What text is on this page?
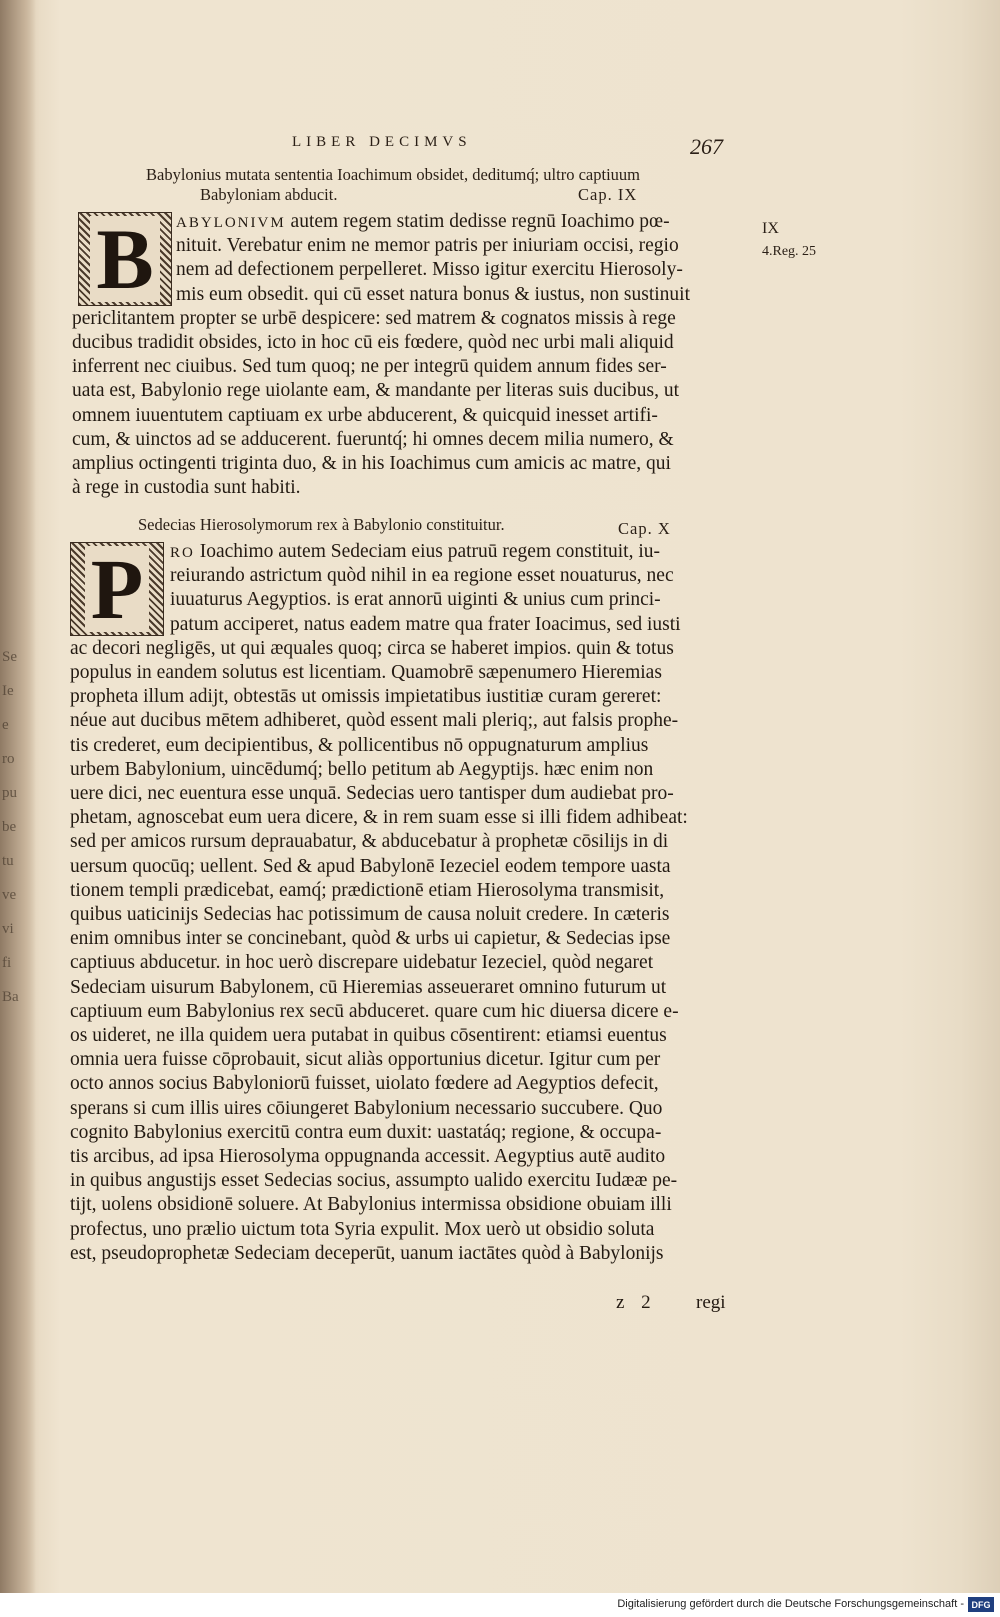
Se
Ie
e
ro
pu
be
tu
ve
vi
fi
Ba
LIBER DECIMVS	267
Babylonius mutata sententia Ioachimum obsidet, deditumq́; ultro captiuum
Babyloniam abducit.	Cap. IX
IX
4.Reg. 25
B	ABYLONIVM autem regem statim dedisse regnū Ioachimo pœ-
nituit. Verebatur enim ne memor patris per iniuriam occisi, regio
nem ad defectionem perpelleret. Misso igitur exercitu Hierosoly-
mis eum obsedit. qui cū esset natura bonus & iustus, non sustinuit
periclitantem propter se urbē despicere: sed matrem & cognatos missis à rege
ducibus tradidit obsides, icto in hoc cū eis fœdere, quòd nec urbi mali aliquid
inferrent nec ciuibus. Sed tum quoq; ne per integrū quidem annum fides ser-
uata est, Babylonio rege uiolante eam, & mandante per literas suis ducibus, ut
omnem iuuentutem captiuam ex urbe abducerent, & quicquid inesset artifi-
cum, & uinctos ad se adducerent. fueruntq́; hi omnes decem milia numero, &
amplius octingenti triginta duo, & in his Ioachimus cum amicis ac matre, qui
à rege in custodia sunt habiti.
Sedecias Hierosolymorum rex à Babylonio constituitur.	Cap. X
P	RO Ioachimo autem Sedeciam eius patruū regem constituit, iu-
reiurando astrictum quòd nihil in ea regione esset nouaturus, nec
iuuaturus Aegyptios. is erat annorū uiginti & unius cum princi-
patum acciperet, natus eadem matre qua frater Ioacimus, sed iusti
ac decori negligēs, ut qui æquales quoq; circa se haberet impios. quin & totus
populus in eandem solutus est licentiam. Quamobrē sæpenumero Hieremias
propheta illum adijt, obtestās ut omissis impietatibus iustitiæ curam gereret:
néue aut ducibus mētem adhiberet, quòd essent mali pleriq;, aut falsis prophe-
tis crederet, eum decipientibus, & pollicentibus nō oppugnaturum amplius
urbem Babylonium, uincēdumq́; bello petitum ab Aegyptijs. hæc enim non
uere dici, nec euentura esse unquā. Sedecias uero tantisper dum audiebat pro-
phetam, agnoscebat eum uera dicere, & in rem suam esse si illi fidem adhibeat:
sed per amicos rursum deprauabatur, & abducebatur à prophetæ cōsilijs in di
uersum quocūq; uellent. Sed & apud Babylonē Iezeciel eodem tempore uasta
tionem templi prædicebat, eamq́; prædictionē etiam Hierosolyma transmisit,
quibus uaticinijs Sedecias hac potissimum de causa noluit credere. In cæteris
enim omnibus inter se concinebant, quòd & urbs ui capietur, & Sedecias ipse
captiuus abducetur. in hoc uerò discrepare uidebatur Iezeciel, quòd negaret
Sedeciam uisurum Babylonem, cū Hieremias asseueraret omnino futurum ut
captiuum eum Babylonius rex secū abduceret. quare cum hic diuersa dicere e-
os uideret, ne illa quidem uera putabat in quibus cōsentirent: etiamsi euentus
omnia uera fuisse cōprobauit, sicut aliàs opportunius dicetur. Igitur cum per
octo annos socius Babyloniorū fuisset, uiolato fœdere ad Aegyptios defecit,
sperans si cum illis uires cōiungeret Babylonium necessario succubere. Quo
cognito Babylonius exercitū contra eum duxit: uastatáq; regione, & occupa-
tis arcibus, ad ipsa Hierosolyma oppugnanda accessit. Aegyptius autē audito
in quibus angustijs esset Sedecias socius, assumpto ualido exercitu Iudææ pe-
tijt, uolens obsidionē soluere. At Babylonius intermissa obsidione obuiam illi
profectus, uno prælio uictum tota Syria expulit. Mox uerò ut obsidio soluta
est, pseudoprophetæ Sedeciam deceperūt, uanum iactātes quòd à Babylonijs
z 2 regi
Digitalisierung gefördert durch die Deutsche Forschungsgemeinschaft - DFG
